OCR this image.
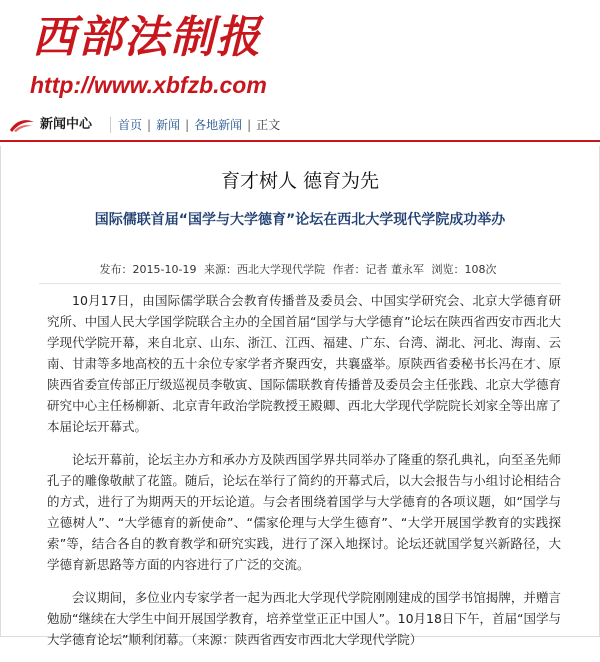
西部法制报
http://www.xbfzb.com
新闻中心 首页 | 新闻 | 各地新闻 | 正文
育才树人 德育为先
国际儒联首届“国学与大学德育”论坛在西北大学现代学院成功举办
发布：2015-10-19 来源：西北大学现代学院 作者：记者 董永军 浏览：108次

10月17日，由国际儒学联合会教育传播普及委员会、中国实学研究会、北京大学德育研究所、中国人民大学国学院联合主办的全国首届“国学与大学德育”论坛在陕西省西安市西北大学现代学院开幕，来自北京、山东、浙江、江西、福建、广东、台湾、湖北、河北、海南、云南、甘肃等多地高校的五十余位专家学者齐聚西安，共襄盛举。原陕西省委秘书长冯在才、原陕西省委宣传部正厅级巡视员李敬寅、国际儒联教育传播普及委员会主任张践、北京大学德育研究中心主任杨柳新、北京青年政治学院教授王殿卿、西北大学现代学院院长刘家全等出席了本届论坛开幕式。

论坛开幕前，论坛主办方和承办方及陕西国学界共同举办了隆重的祭孔典礼，向至圣先师孔子的雕像敬献了花篮。随后，论坛在举行了简约的开幕式后，以大会报告与小组讨论相结合的方式，进行了为期两天的开坛论道。与会者围绕着国学与大学德育的各项议题，如“国学与立德树人”、“大学德育的新使命”、“儒家伦理与大学生德育”、“大学开展国学教育的实践探索”等，结合各自的教育教学和研究实践，进行了深入地探讨。论坛还就国学复兴新路径，大学德育新思路等方面的内容进行了广泛的交流。

会议期间，多位业内专家学者一起为西北大学现代学院刚刚建成的国学书馆揭牌，并赠言勉励“继续在大学生中间开展国学教育，培养堂堂正正中国人”。10月18日下午，首届“国学与大学德育论坛”顺利闭幕。（来源：陕西省西安市西北大学现代学院）
